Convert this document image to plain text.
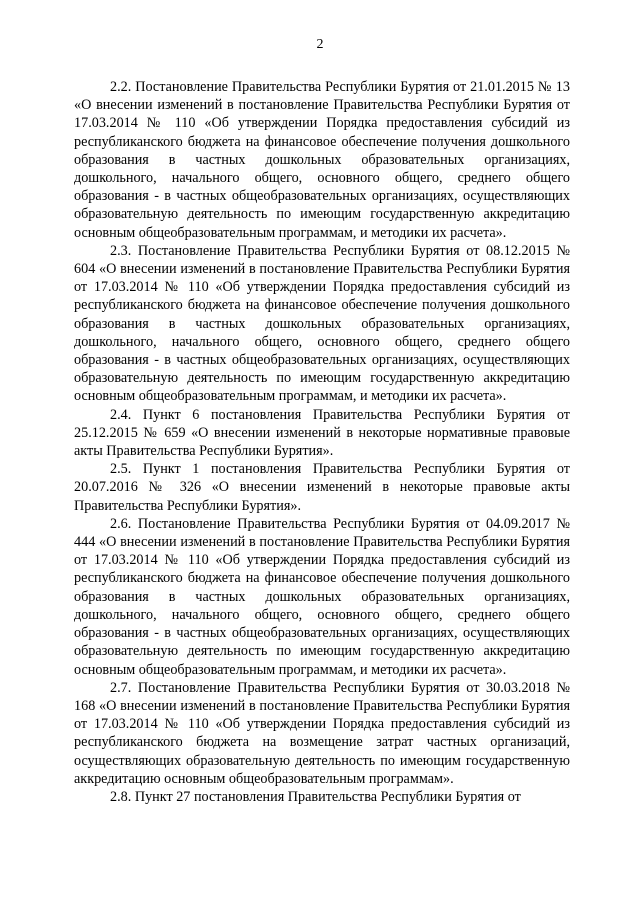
2

2.2. Постановление Правительства Республики Бурятия от 21.01.2015 № 13 «О внесении изменений в постановление Правительства Республики Бурятия от 17.03.2014 № 110 «Об утверждении Порядка предоставления субсидий из республиканского бюджета на финансовое обеспечение получения дошкольного образования в частных дошкольных образовательных организациях, дошкольного, начального общего, основного общего, среднего общего образования - в частных общеобразовательных организациях, осуществляющих образовательную деятельность по имеющим государственную аккредитацию основным общеобразовательным программам, и методики их расчета».

2.3. Постановление Правительства Республики Бурятия от 08.12.2015 № 604 «О внесении изменений в постановление Правительства Республики Бурятия от 17.03.2014 № 110 «Об утверждении Порядка предоставления субсидий из республиканского бюджета на финансовое обеспечение получения дошкольного образования в частных дошкольных образовательных организациях, дошкольного, начального общего, основного общего, среднего общего образования - в частных общеобразовательных организациях, осуществляющих образовательную деятельность по имеющим государственную аккредитацию основным общеобразовательным программам, и методики их расчета».

2.4. Пункт 6 постановления Правительства Республики Бурятия от 25.12.2015 № 659 «О внесении изменений в некоторые нормативные правовые акты Правительства Республики Бурятия».

2.5. Пункт 1 постановления Правительства Республики Бурятия от 20.07.2016 № 326 «О внесении изменений в некоторые правовые акты Правительства Республики Бурятия».

2.6. Постановление Правительства Республики Бурятия от 04.09.2017 № 444 «О внесении изменений в постановление Правительства Республики Бурятия от 17.03.2014 № 110 «Об утверждении Порядка предоставления субсидий из республиканского бюджета на финансовое обеспечение получения дошкольного образования в частных дошкольных образовательных организациях, дошкольного, начального общего, основного общего, среднего общего образования - в частных общеобразовательных организациях, осуществляющих образовательную деятельность по имеющим государственную аккредитацию основным общеобразовательным программам, и методики их расчета».

2.7. Постановление Правительства Республики Бурятия от 30.03.2018 № 168 «О внесении изменений в постановление Правительства Республики Бурятия от 17.03.2014 № 110 «Об утверждении Порядка предоставления субсидий из республиканского бюджета на возмещение затрат частных организаций, осуществляющих образовательную деятельность по имеющим государственную аккредитацию основным общеобразовательным программам».

2.8. Пункт 27 постановления Правительства Республики Бурятия от
